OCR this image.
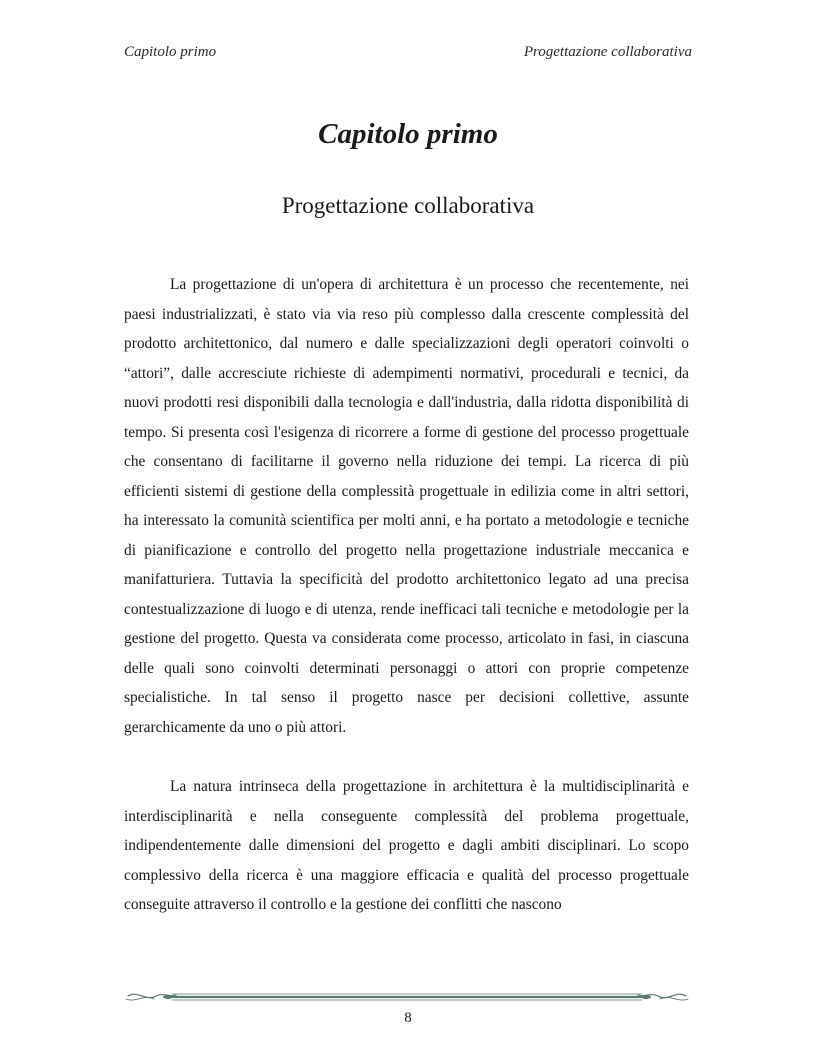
Capitolo primo	Progettazione collaborativa
Capitolo primo
Progettazione collaborativa

La progettazione di un'opera di architettura è un processo che recentemente, nei paesi industrializzati, è stato via via reso più complesso dalla crescente complessità del prodotto architettonico, dal numero e dalle specializzazioni degli operatori coinvolti o “attori”, dalle accresciute richieste di adempimenti normativi, procedurali e tecnici, da nuovi prodotti resi disponibili dalla tecnologia e dall'industria, dalla ridotta disponibilità di tempo. Si presenta così l'esigenza di ricorrere a forme di gestione del processo progettuale che consentano di facilitarne il governo nella riduzione dei tempi. La ricerca di più efficienti sistemi di gestione della complessità progettuale in edilizia come in altri settori, ha interessato la comunità scientifica per molti anni, e ha portato a metodologie e tecniche di pianificazione e controllo del progetto nella progettazione industriale meccanica e manifatturiera. Tuttavia la specificità del prodotto architettonico legato ad una precisa contestualizzazione di luogo e di utenza, rende inefficaci tali tecniche e metodologie per la gestione del progetto. Questa va considerata come processo, articolato in fasi, in ciascuna delle quali sono coinvolti determinati personaggi o attori con proprie competenze specialistiche. In tal senso il progetto nasce per decisioni collettive, assunte gerarchicamente da uno o più attori.

La natura intrinseca della progettazione in architettura è la multidisciplinarità e interdisciplinarità e nella conseguente complessità del problema progettuale, indipendentemente dalle dimensioni del progetto e dagli ambiti disciplinari. Lo scopo complessivo della ricerca è una maggiore efficacia e qualità del processo progettuale conseguite attraverso il controllo e la gestione dei conflitti che nascono

8
